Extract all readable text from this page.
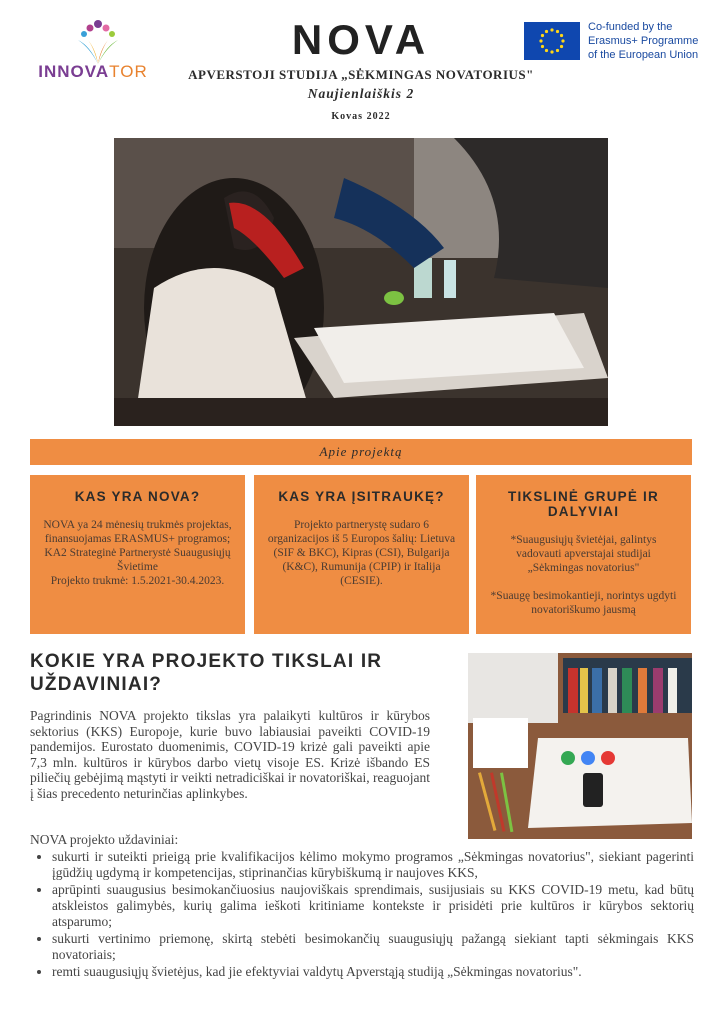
INNOVATOR
NOVA
APVERSTOJI STUDIJA „SĖKMINGAS NOVATORIUS"
Naujienlaiškis 2
Kovas 2022
Co-funded by the
Erasmus+ Programme
of the European Union
Apie projektą
KAS YRA NOVA?

NOVA ya 24 mėnesių trukmės projektas, finansuojamas ERASMUS+ programos; KA2 Strateginė Partnerystė Suaugusiųjų Švietime

Projekto trukmė: 1.5.2021-30.4.2023.

KAS YRA ĮSITRAUKĘ?

Projekto partnerystę sudaro 6 organizacijos iš 5 Europos šalių: Lietuva (SIF & BKC), Kipras (CSI), Bulgarija (K&C), Rumunija (CPIP) ir Italija (CESIE).

TIKSLINĖ GRUPĖ IR DALYVIAI

*Suaugusiųjų švietėjai, galintys vadovauti apverstajai studijai „Sėkmingas novatorius"

*Suaugę besimokantieji, norintys ugdyti novatoriškumo jausmą

KOKIE YRA PROJEKTO TIKSLAI IR UŽDAVINIAI?
Pagrindinis NOVA projekto tikslas yra palaikyti kultūros ir kūrybos sektorius (KKS) Europoje, kurie buvo labiausiai paveikti COVID-19 pandemijos. Eurostato duomenimis, COVID-19 krizė gali paveikti apie 7,3 mln. kultūros ir kūrybos darbo vietų visoje ES. Krizė išbando ES piliečių gebėjimą mąstyti ir veikti netradiciškai ir novatoriškai, reaguojant į šias precedento neturinčias aplinkybes.
NOVA projekto uždaviniai:
• sukurti ir suteikti prieigą prie kvalifikacijos kėlimo mokymo programos „Sėkmingas novatorius", siekiant pagerinti įgūdžių ugdymą ir kompetencijas, stiprinančias kūrybiškumą ir naujoves KKS,
• aprūpinti suaugusius besimokančiuosius naujoviškais sprendimais, susijusiais su KKS COVID-19 metu, kad būtų atskleistos galimybės, kurių galima ieškoti kritiniame kontekste ir prisidėti prie kultūros ir kūrybos sektorių atsparumo;
• sukurti vertinimo priemonę, skirtą stebėti besimokančių suaugusiųjų pažangą siekiant tapti sėkmingais KKS novatoriais;
• remti suaugusiųjų švietėjus, kad jie efektyviai valdytų Apverstąją studiją „Sėkmingas novatorius".
